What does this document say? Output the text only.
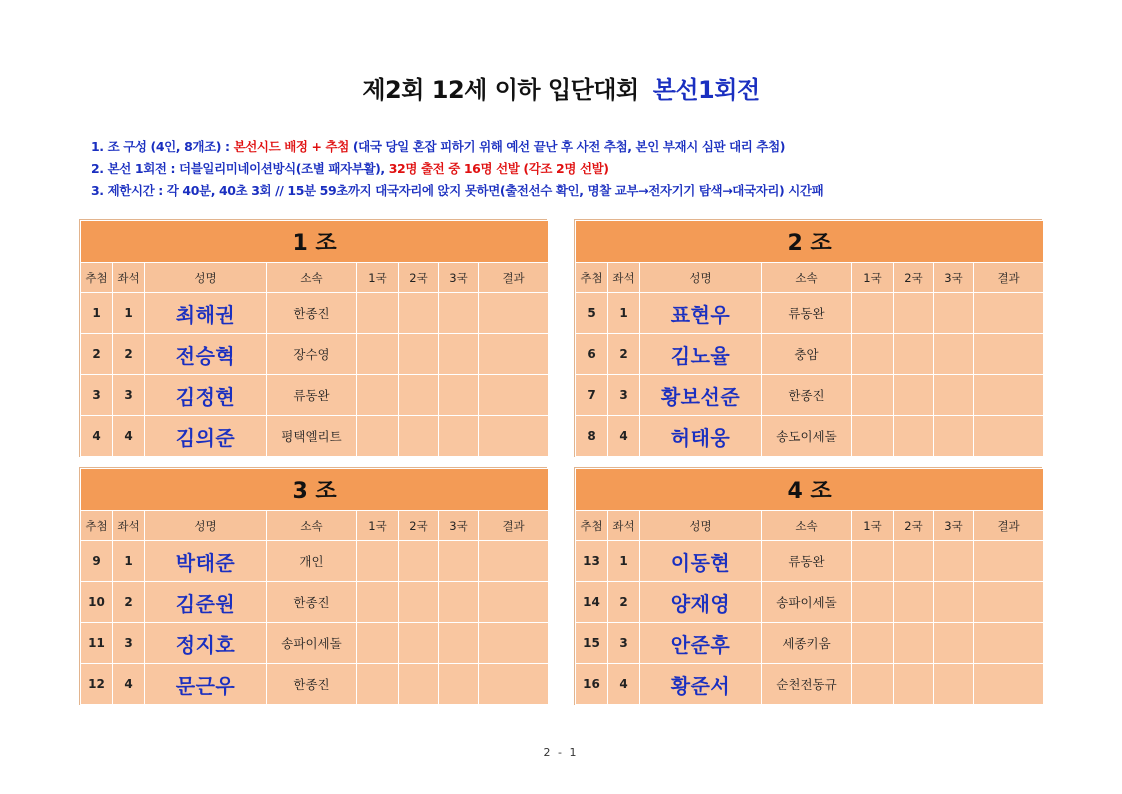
제2회 12세 이하 입단대회 본선1회전
1. 조 구성 (4인, 8개조) : 본선시드 배정 + 추첨 (대국 당일 혼잡 피하기 위해 예선 끝난 후 사전 추첨, 본인 부재시 심판 대리 추첨)
2. 본선 1회전 : 더블일리미네이션방식(조별 패자부활), 32명 출전 중 16명 선발 (각조 2명 선발)
3. 제한시간 : 각 40분, 40초 3회 // 15분 59초까지 대국자리에 앉지 못하면(출전선수 확인, 명찰 교부→전자기기 탐색→대국자리) 시간패
1 조							
추첨	좌석	성명	소속	1국	2국	3국	결과
1	1	최해권	한종진				
2	2	전승혁	장수영				
3	3	김정현	류동완				
4	4	김의준	평택엘리트				
2 조							
추첨	좌석	성명	소속	1국	2국	3국	결과
5	1	표현우	류동완				
6	2	김노율	충암				
7	3	황보선준	한종진				
8	4	허태웅	송도이세돌				
3 조							
추첨	좌석	성명	소속	1국	2국	3국	결과
9	1	박태준	개인				
10	2	김준원	한종진				
11	3	정지호	송파이세돌				
12	4	문근우	한종진				
4 조							
추첨	좌석	성명	소속	1국	2국	3국	결과
13	1	이동현	류동완				
14	2	양재영	송파이세돌				
15	3	안준후	세종키움				
16	4	황준서	순천전동규				
2 - 1
